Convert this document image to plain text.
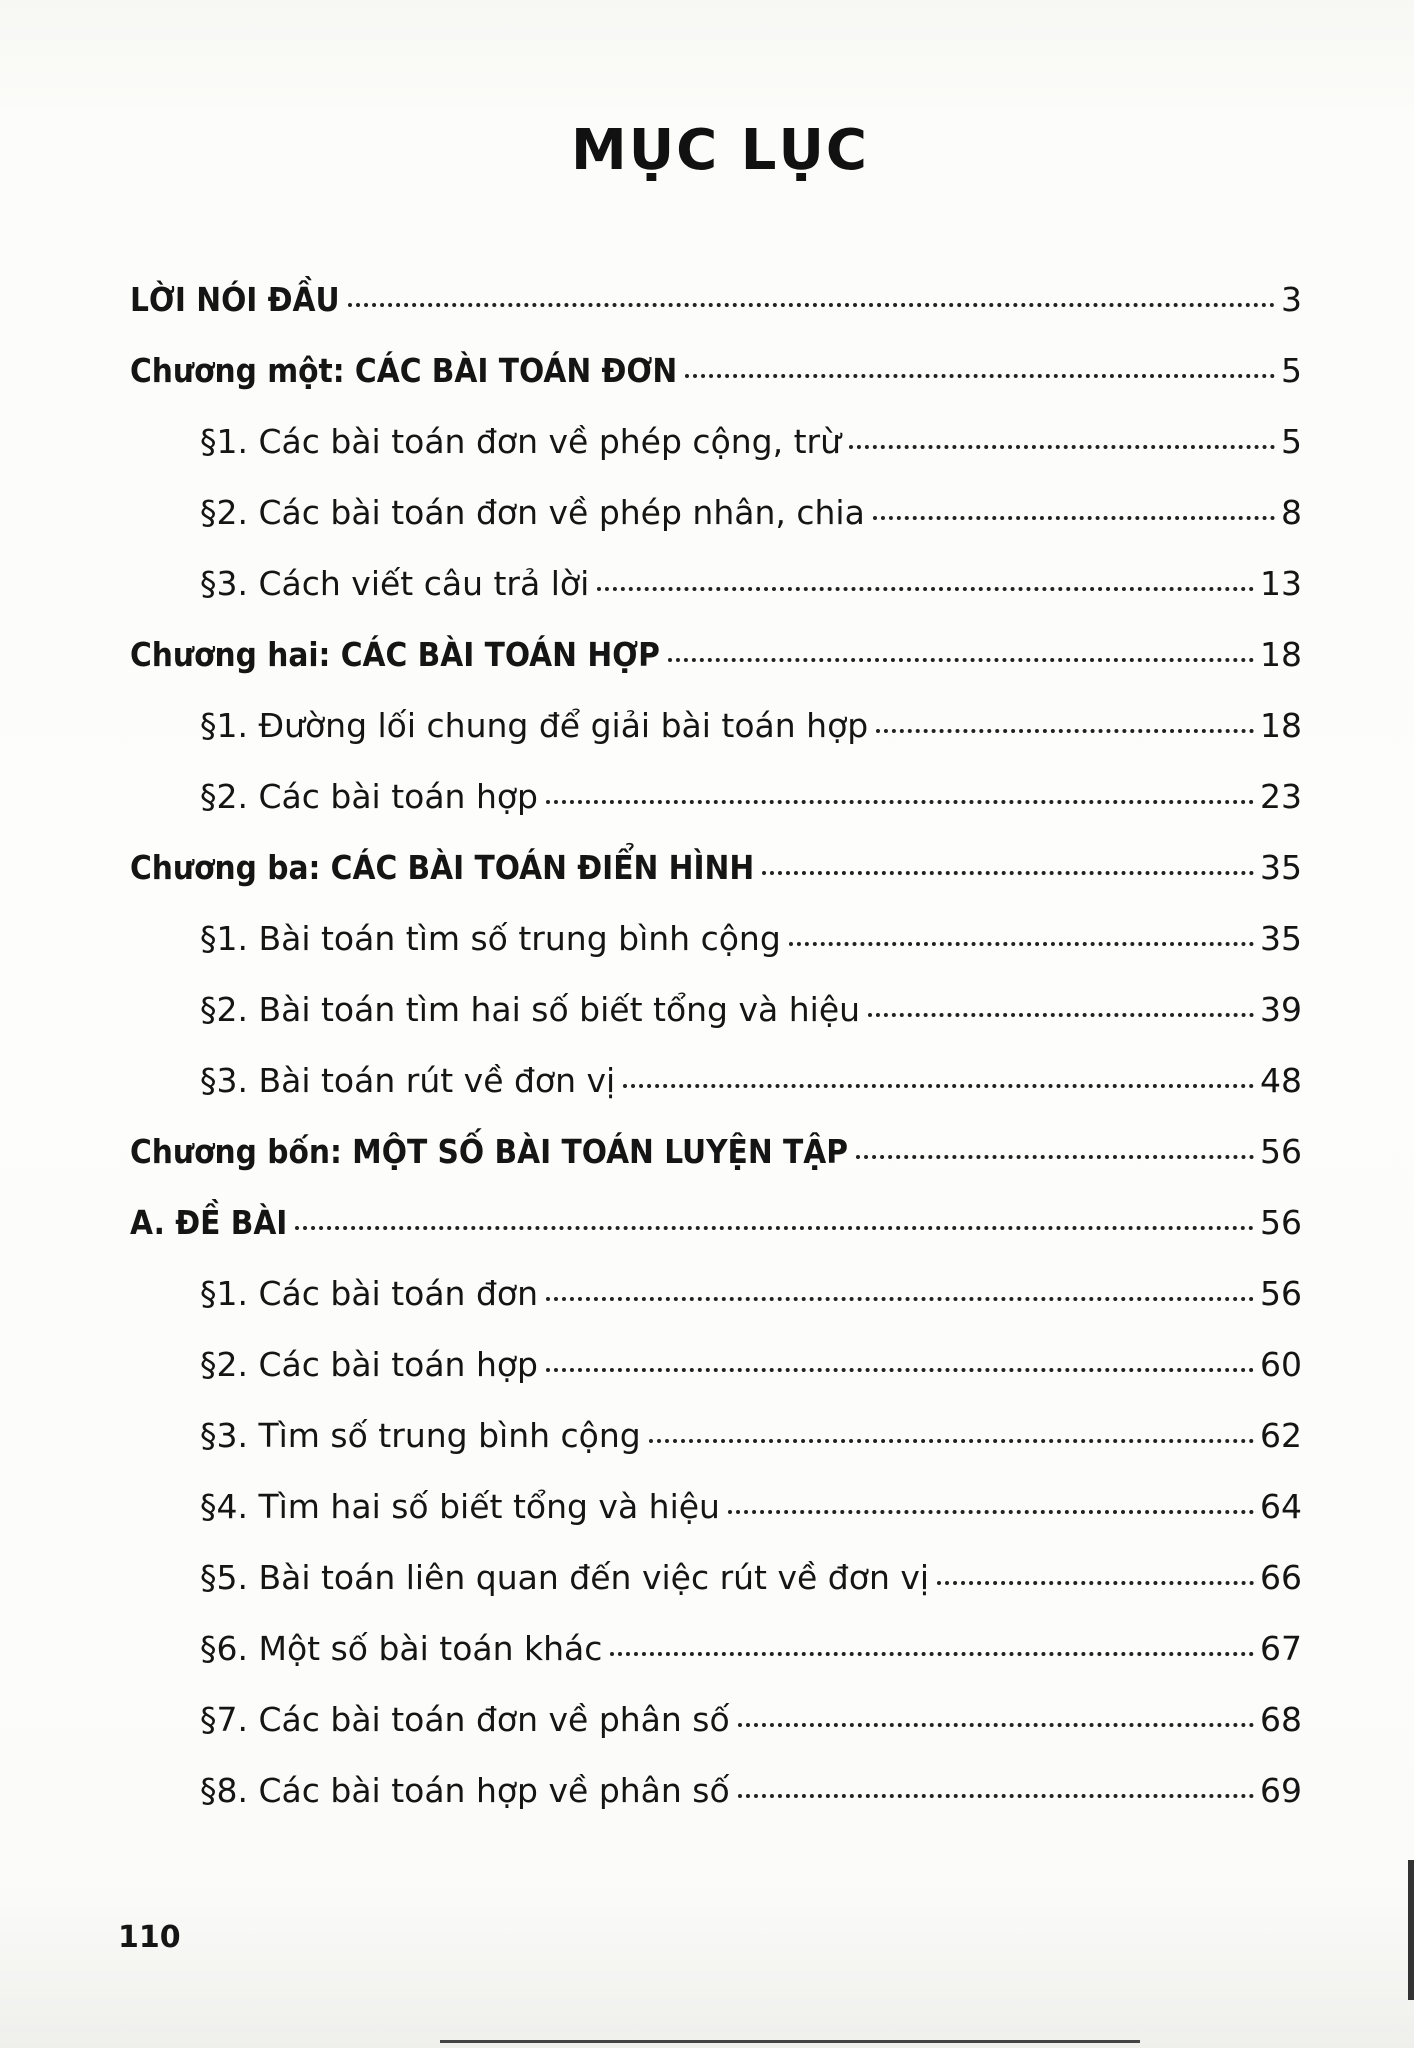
MỤC LỤC
LỜI NÓI ĐẦU	3
Chương một: CÁC BÀI TOÁN ĐƠN	5
§1. Các bài toán đơn về phép cộng, trừ	5
§2. Các bài toán đơn về phép nhân, chia	8
§3. Cách viết câu trả lời	13
Chương hai: CÁC BÀI TOÁN HỢP	18
§1. Đường lối chung để giải bài toán hợp	18
§2. Các bài toán hợp	23
Chương ba: CÁC BÀI TOÁN ĐIỂN HÌNH	35
§1. Bài toán tìm số trung bình cộng	35
§2. Bài toán tìm hai số biết tổng và hiệu	39
§3. Bài toán rút về đơn vị	48
Chương bốn: MỘT SỐ BÀI TOÁN LUYỆN TẬP	56
A. ĐỀ BÀI	56
§1. Các bài toán đơn	56
§2. Các bài toán hợp	60
§3. Tìm số trung bình cộng	62
§4. Tìm hai số biết tổng và hiệu	64
§5. Bài toán liên quan đến việc rút về đơn vị	66
§6. Một số bài toán khác	67
§7. Các bài toán đơn về phân số	68
§8. Các bài toán hợp về phân số	69
110
